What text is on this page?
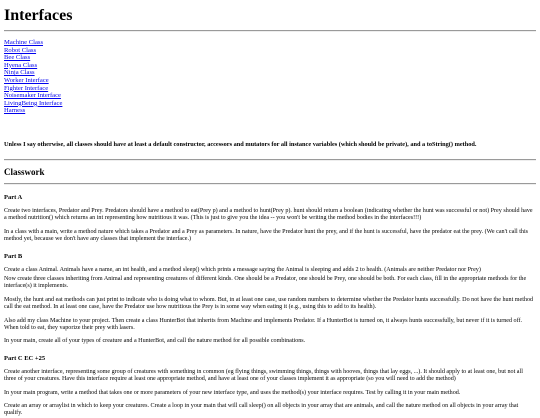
Interfaces
Machine Class
Robot Class
Bee Class
Hyena Class
Ninja Class
Worker Interface
Fighter Interface
Noisemaker Interface
LivingBeing Interface
Harness
Unless I say otherwise, all classes should have at least a default constructor, accessors and mutators for all instance variables (which should be private), and a toString() method.
Classwork
Part A

Create two interfaces, Predator and Prey. Predators should have a method to eat(Prey p) and a method to hunt(Prey p). hunt should return a boolean (indicating whether the hunt was successful or not) Prey should have a method nutrition() which returns an int representing how nutritious it was. (This is just to give you the idea -- you won't be writing the method bodies in the interfaces!!!)

In a class with a main, write a method nature which takes a Predator and a Prey as parameters. In nature, have the Predator hunt the prey, and if the hunt is successful, have the predator eat the prey. (We can't call this method yet, because we don't have any classes that implement the interface.)

Part B

Create a class Animal. Animals have a name, an int health, and a method sleep() which prints a message saying the Animal is sleeping and adds 2 to health. (Animals are neither Predator nor Prey)

Now create three classes inheriting from Animal and representing creatures of different kinds. One should be a Predator, one should be Prey, one should be both. For each class, fill in the appropriate methods for the interface(s) it implements.

Mostly, the hunt and eat methods can just print to indicate who is doing what to whom. But, in at least one case, use random numbers to determine whether the Predator hunts successfully. Do not have the hunt method call the eat method. In at least one case, have the Predator use how nutritious the Prey is in some way when eating it (e.g., using this to add to its health).

Also add my class Machine to your project. Then create a class HunterBot that inherits from Machine and implements Predator. If a HunterBot is turned on, it always hunts successfully, but never if it is turned off. When told to eat, they vaporize their prey with lasers.

In your main, create all of your types of creature and a HunterBot, and call the nature method for all possible combinations.

Part C EC +25

Create another interface, representing some group of creatures with something in common (eg flying things, swimming things, things with hooves, things that lay eggs, ...). It should apply to at least one, but not all three of your creatures. Have this interface require at least one appropriate method, and have at least one of your classes implement it as appropriate (so you will need to add the method)

In your main program, write a method that takes one or more parameters of your new interface type, and uses the method(s) your interface requires. Test by calling it in your main method.

Create an array or arraylist in which to keep your creatures. Create a loop in your main that will call sleep() on all objects in your array that are animals, and call the nature method on all objects in your array that qualify.
